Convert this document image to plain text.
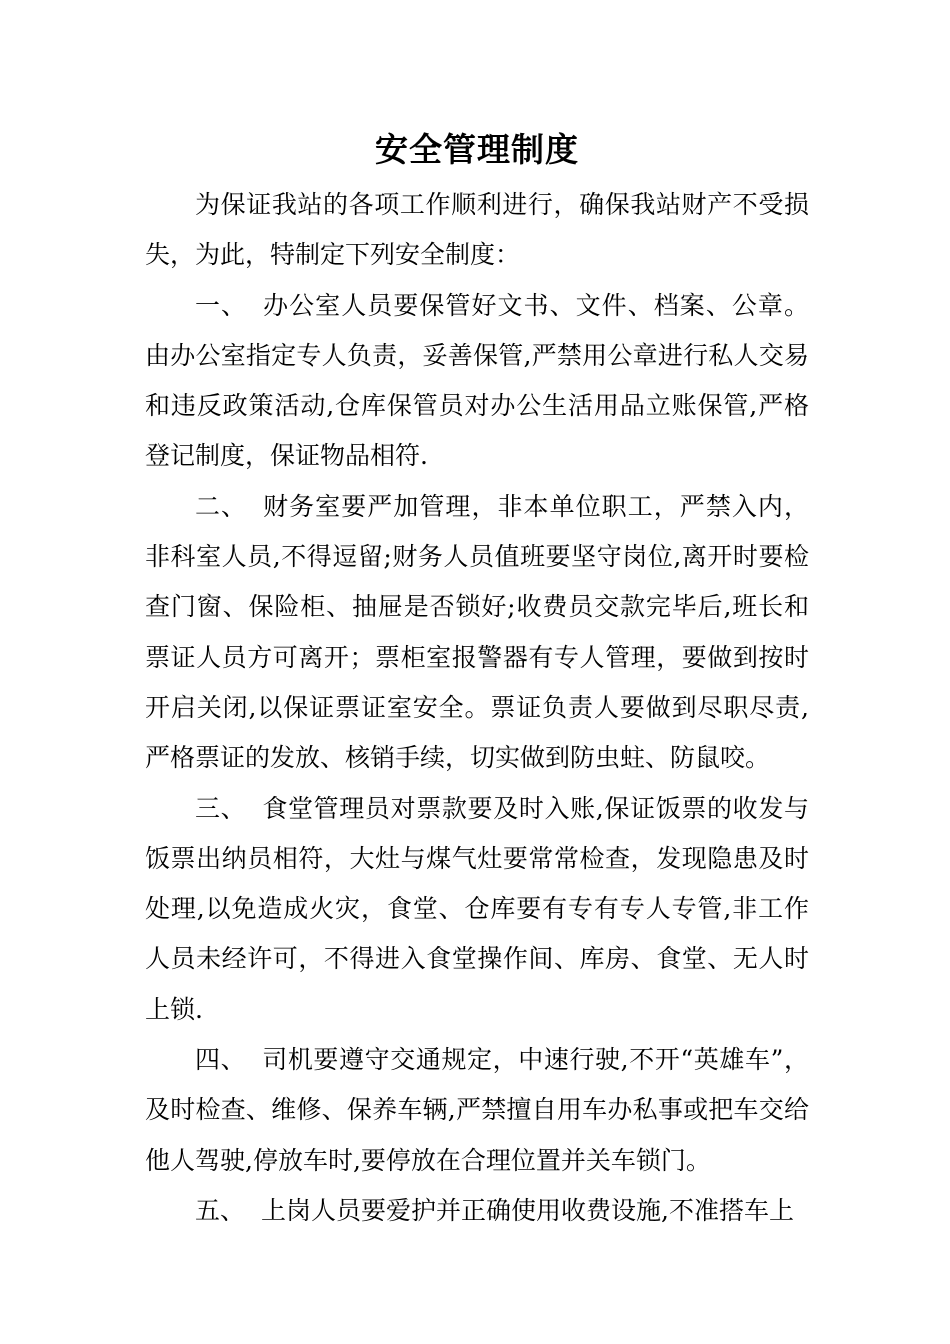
安全管理制度

为保证我站的各项工作顺利进行，确保我站财产不受损失，为此，特制定下列安全制度：

一、 办公室人员要保管好文书、文件、档案、公章。由办公室指定专人负责，妥善保管,严禁用公章进行私人交易和违反政策活动,仓库保管员对办公生活用品立账保管,严格登记制度，保证物品相符.

二、 财务室要严加管理，非本单位职工，严禁入内，非科室人员,不得逗留;财务人员值班要坚守岗位,离开时要检查门窗、保险柜、抽屉是否锁好;收费员交款完毕后,班长和票证人员方可离开；票柜室报警器有专人管理，要做到按时开启关闭,以保证票证室安全。票证负责人要做到尽职尽责,严格票证的发放、核销手续，切实做到防虫蛀、防鼠咬。

三、 食堂管理员对票款要及时入账,保证饭票的收发与饭票出纳员相符，大灶与煤气灶要常常检查，发现隐患及时处理,以免造成火灾，食堂、仓库要有专有专人专管,非工作人员未经许可，不得进入食堂操作间、库房、食堂、无人时上锁.

四、 司机要遵守交通规定，中速行驶,不开“英雄车”，及时检查、维修、保养车辆,严禁擅自用车办私事或把车交给他人驾驶,停放车时,要停放在合理位置并关车锁门。

五、 上岗人员要爱护并正确使用收费设施,不准搭车上
